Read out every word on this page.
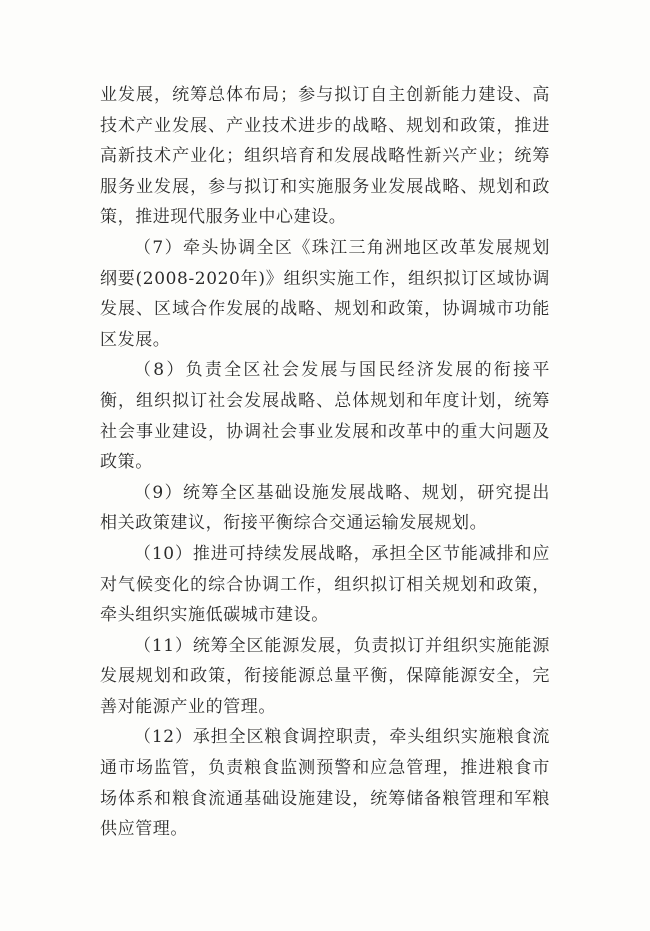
业发展，统筹总体布局；参与拟订自主创新能力建设、高技术产业发展、产业技术进步的战略、规划和政策，推进高新技术产业化；组织培育和发展战略性新兴产业；统筹服务业发展，参与拟订和实施服务业发展战略、规划和政策，推进现代服务业中心建设。

（7）牵头协调全区《珠江三角洲地区改革发展规划纲要(2008-2020年)》组织实施工作，组织拟订区域协调发展、区域合作发展的战略、规划和政策，协调城市功能区发展。

（8）负责全区社会发展与国民经济发展的衔接平衡，组织拟订社会发展战略、总体规划和年度计划，统筹社会事业建设，协调社会事业发展和改革中的重大问题及政策。

（9）统筹全区基础设施发展战略、规划，研究提出相关政策建议，衔接平衡综合交通运输发展规划。

（10）推进可持续发展战略，承担全区节能减排和应对气候变化的综合协调工作，组织拟订相关规划和政策，牵头组织实施低碳城市建设。

（11）统筹全区能源发展，负责拟订并组织实施能源发展规划和政策，衔接能源总量平衡，保障能源安全，完善对能源产业的管理。

（12）承担全区粮食调控职责，牵头组织实施粮食流通市场监管，负责粮食监测预警和应急管理，推进粮食市场体系和粮食流通基础设施建设，统筹储备粮管理和军粮供应管理。
